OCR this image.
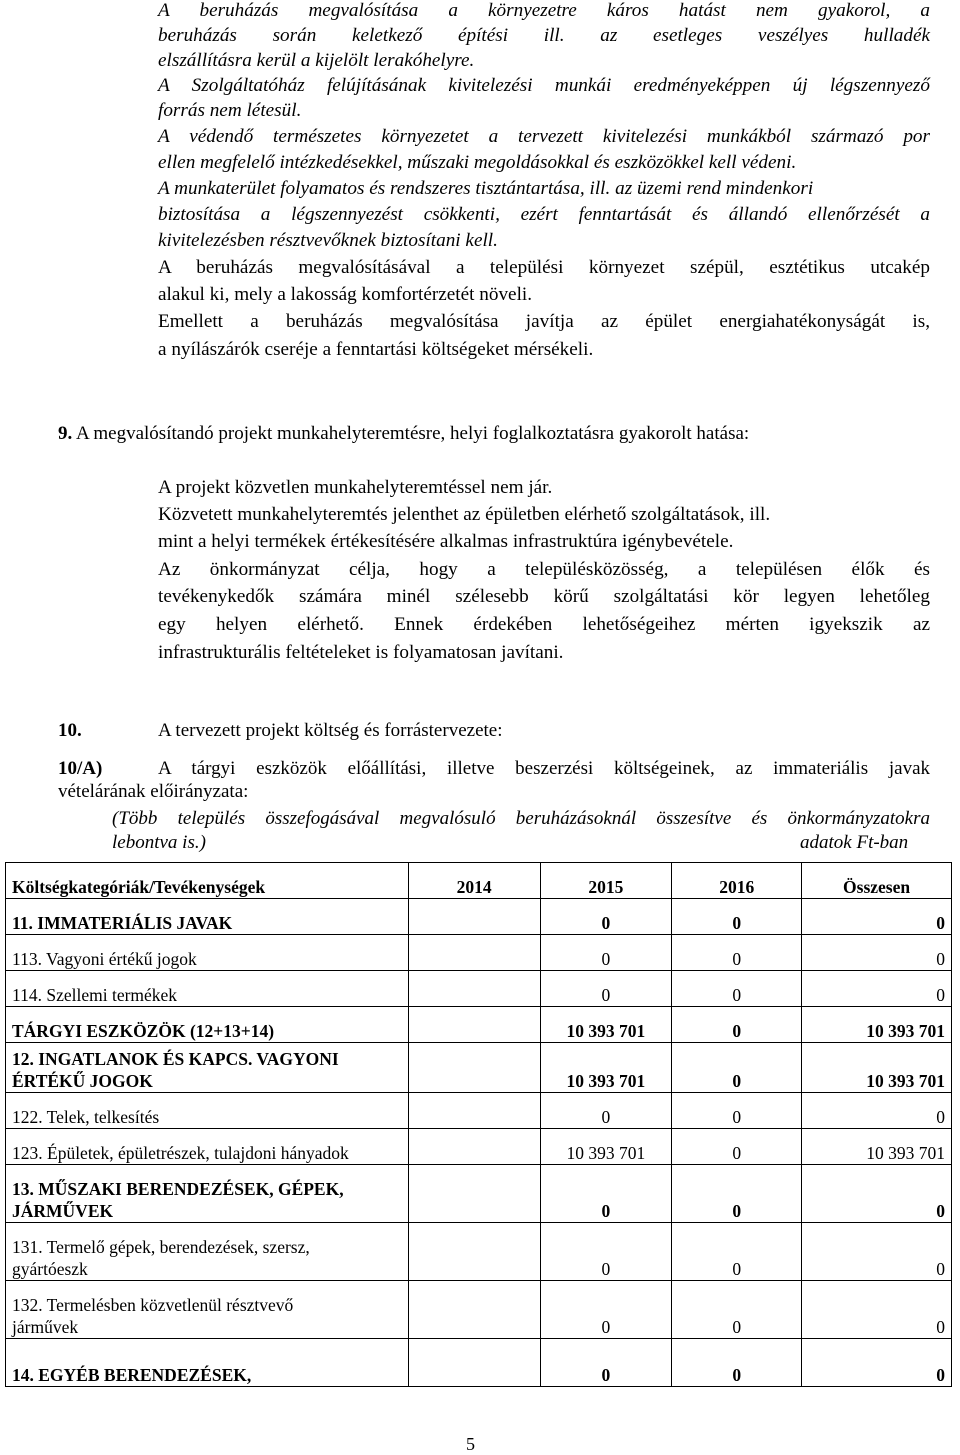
A beruházás megvalósítása a környezetre káros hatást nem gyakorol, a
beruházás során keletkező építési ill. az esetleges veszélyes hulladék
elszállításra kerül a kijelölt lerakóhelyre.
A Szolgáltatóház felújításának kivitelezési munkái eredményeképpen új légszennyező
forrás nem létesül.
A védendő természetes környezetet a tervezett kivitelezési munkákból származó por
ellen megfelelő intézkedésekkel, műszaki megoldásokkal és eszközökkel kell védeni.
A munkaterület folyamatos és rendszeres tisztántartása, ill. az üzemi rend mindenkori
biztosítása a légszennyezést csökkenti, ezért fenntartását és állandó ellenőrzését a
kivitelezésben résztvevőknek biztosítani kell.
A beruházás megvalósításával a települési környezet szépül, esztétikus utcakép
alakul ki, mely a lakosság komfortérzetét növeli.
Emellett a beruházás megvalósítása javítja az épület energiahatékonyságát is,
a nyílászárók cseréje a fenntartási költségeket mérsékeli.
9. A megvalósítandó projekt munkahelyteremtésre, helyi foglalkoztatásra gyakorolt hatása:
A projekt közvetlen munkahelyteremtéssel nem jár.
Közvetett munkahelyteremtés jelenthet az épületben elérhető szolgáltatások, ill.
mint a helyi termékek értékesítésére alkalmas infrastruktúra igénybevétele.
Az önkormányzat célja, hogy a településközösség, a településen élők és
tevékenykedők számára minél szélesebb körű szolgáltatási kör legyen lehetőleg
egy helyen elérhető. Ennek érdekében lehetőségeihez mérten igyekszik az
infrastrukturális feltételeket is folyamatosan javítani.
10.	A tervezett projekt költség és forrástervezete:
10/A)	A tárgyi eszközök előállítási, illetve beszerzési költségeinek, az immateriális javak
vételárának előirányzata:
(Több település összefogásával megvalósuló beruházásoknál összesítve és önkormányzatokra
lebontva is.)	adatok Ft-ban
Költségkategóriák/Tevékenységek	2014	2015	2016	Összesen

11. IMMATERIÁLIS JAVAK		0	0	0

113. Vagyoni értékű jogok		0	0	0

114. Szellemi termékek		0	0	0

TÁRGYI ESZKÖZÖK (12+13+14)		10 393 701	0	10 393 701

12. INGATLANOK ÉS KAPCS. VAGYONI
ÉRTÉKŰ JOGOK		10 393 701	0	10 393 701

122. Telek, telkesítés		0	0	0

123. Épületek, épületrészek, tulajdoni hányadok		10 393 701	0	10 393 701

13. MŰSZAKI BERENDEZÉSEK, GÉPEK,
JÁRMŰVEK		0	0	0

131. Termelő gépek, berendezések, szersz,
gyártóeszk		0	0	0

132. Termelésben közvetlenül résztvevő
járművek		0	0	0

14. EGYÉB BERENDEZÉSEK,		0	0	0
5
